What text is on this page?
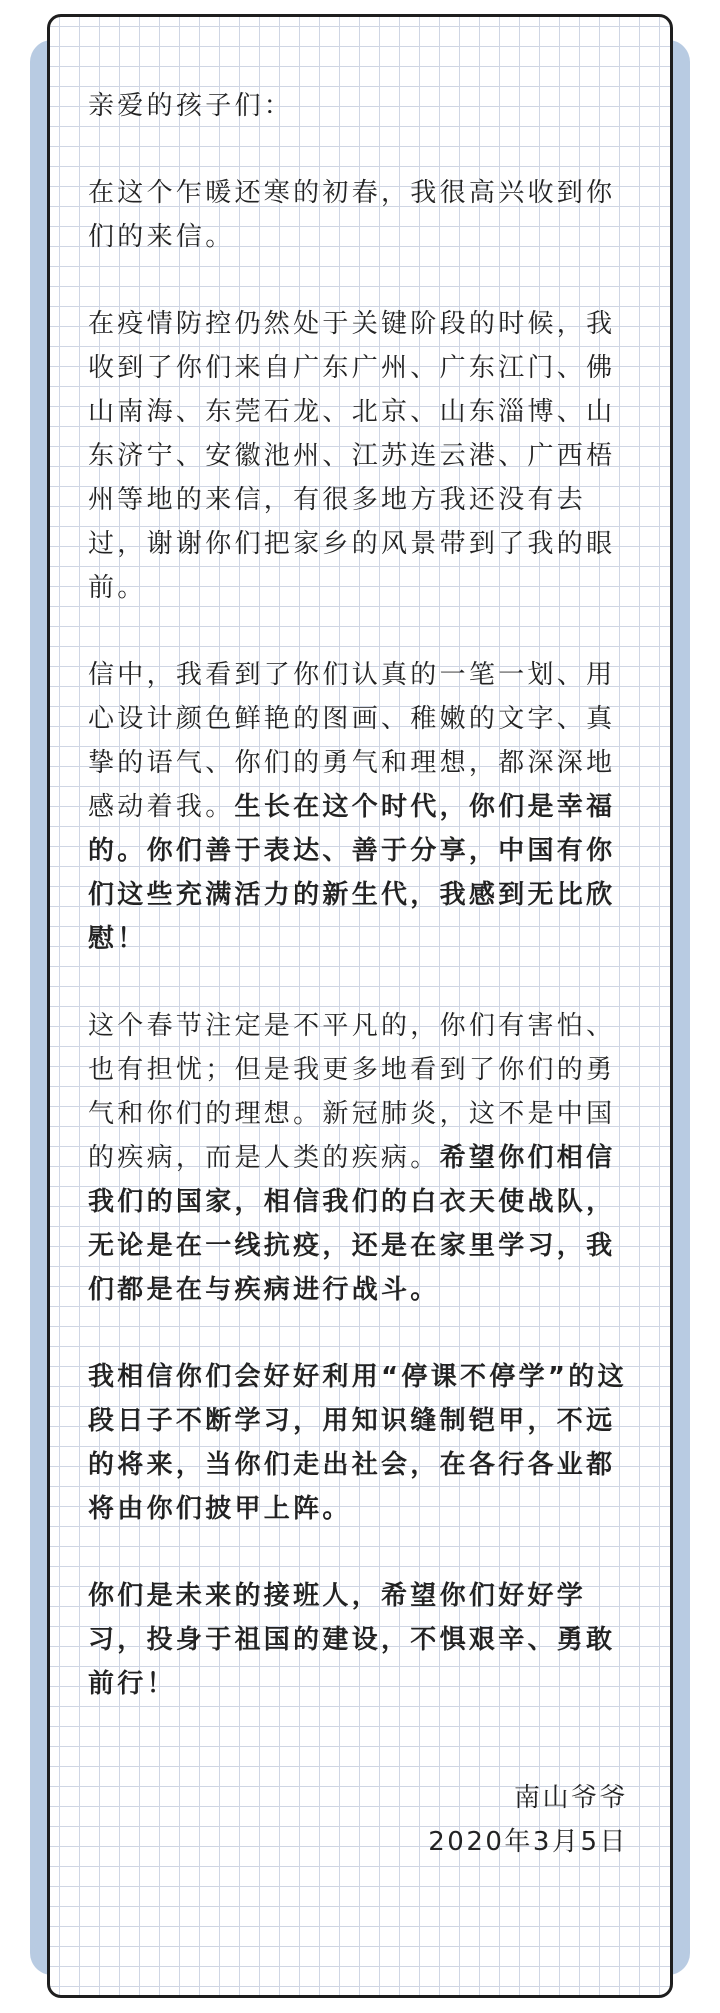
亲爱的孩子们：

在这个乍暖还寒的初春，我很高兴收到你们的来信。

在疫情防控仍然处于关键阶段的时候，我收到了你们来自广东广州、广东江门、佛山南海、东莞石龙、北京、山东淄博、山东济宁、安徽池州、江苏连云港、广西梧州等地的来信，有很多地方我还没有去过，谢谢你们把家乡的风景带到了我的眼前。

信中，我看到了你们认真的一笔一划、用心设计颜色鲜艳的图画、稚嫩的文字、真挚的语气、你们的勇气和理想，都深深地感动着我。生长在这个时代，你们是幸福的。你们善于表达、善于分享，中国有你们这些充满活力的新生代，我感到无比欣慰！

这个春节注定是不平凡的，你们有害怕、也有担忧；但是我更多地看到了你们的勇气和你们的理想。新冠肺炎，这不是中国的疾病，而是人类的疾病。希望你们相信我们的国家，相信我们的白衣天使战队，无论是在一线抗疫，还是在家里学习，我们都是在与疾病进行战斗。

我相信你们会好好利用“停课不停学”的这段日子不断学习，用知识缝制铠甲，不远的将来，当你们走出社会，在各行各业都将由你们披甲上阵。

你们是未来的接班人，希望你们好好学习，投身于祖国的建设，不惧艰辛、勇敢前行！

南山爷爷
2020年3月5日
